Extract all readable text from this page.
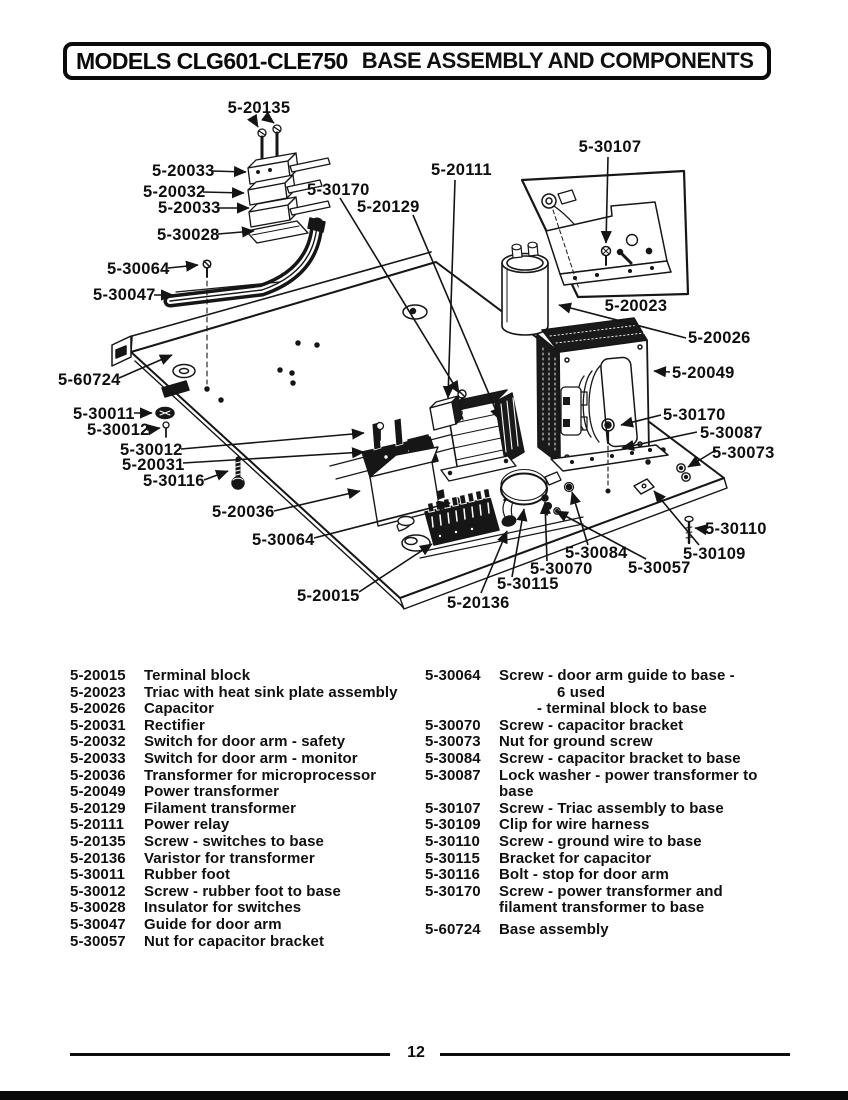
MODELS CLG601-CLE750 BASE ASSEMBLY AND COMPONENTS
5-20135
5-20033
5-20032
5-20033
5-30028
5-30064
5-30047
5-30170
5-20129
5-20111
5-30107
5-20023
5-20026
5-20049
5-60724
5-30011
5-30012
5-30012
5-20031
5-30116
5-20036
5-30064
5-20015	5-20136
5-30115
5-30070
5-30084
5-30057
5-30109
5-30110
5-30073
5-30087
5-30170
5-20015	Terminal block
5-20023	Triac with heat sink plate assembly
5-20026	Capacitor
5-20031	Rectifier
5-20032	Switch for door arm - safety
5-20033	Switch for door arm - monitor
5-20036	Transformer for microprocessor
5-20049	Power transformer
5-20129	Filament transformer
5-20111	Power relay
5-20135	Screw - switches to base
5-20136	Varistor for transformer
5-30011	Rubber foot
5-30012	Screw - rubber foot to base
5-30028	Insulator for switches
5-30047	Guide for door arm
5-30057	Nut for capacitor bracket
5-30064	Screw - door arm guide to base -
6 used
- terminal block to base
5-30070	Screw - capacitor bracket
5-30073	Nut for ground screw
5-30084	Screw - capacitor bracket to base
5-30087	Lock washer - power transformer to
base
5-30107	Screw - Triac assembly to base
5-30109	Clip for wire harness
5-30110	Screw - ground wire to base
5-30115	Bracket for capacitor
5-30116	Bolt - stop for door arm
5-30170	Screw - power transformer and
filament transformer to base
5-60724	Base assembly
12
